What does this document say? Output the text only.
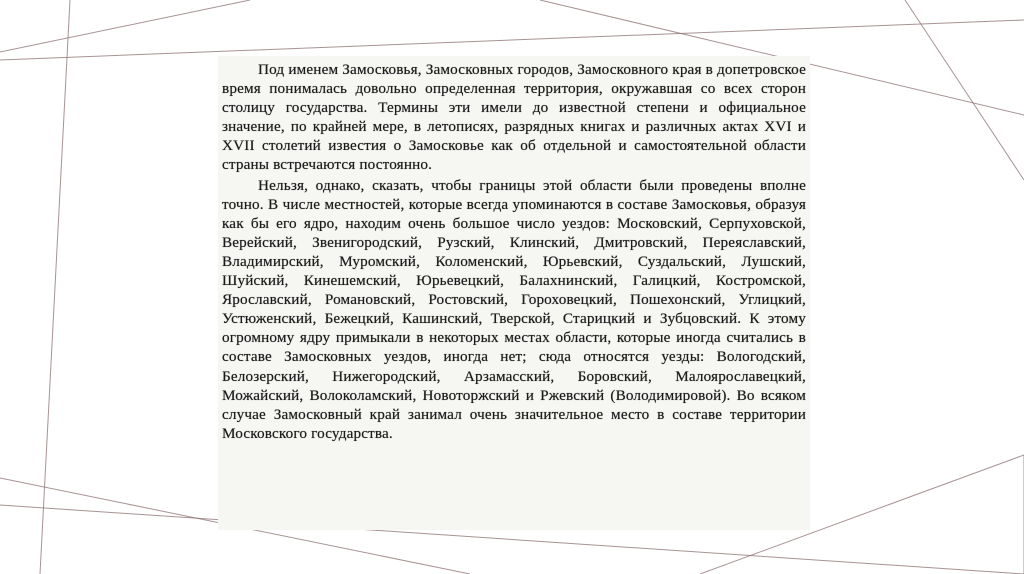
Под именем Замосковья, Замосковных городов, Замосковного края в допетровское время понималась довольно определенная территория, окружавшая со всех сторон столицу государства. Термины эти имели до известной степени и официальное значение, по крайней мере, в летописях, разрядных книгах и различных актах XVI и XVII столетий известия о Замосковье как об отдельной и самостоятельной области страны встречаются постоянно.

Нельзя, однако, сказать, чтобы границы этой области были проведены вполне точно. В числе местностей, которые всегда упоминаются в составе Замосковья, образуя как бы его ядро, находим очень большое число уездов: Московский, Серпуховской, Верейский, Звенигородский, Рузский, Клинский, Дмитровский, Переяславский, Владимирский, Муромский, Коломенский, Юрьевский, Суздальский, Лушский, Шуйский, Кинешемский, Юрьевецкий, Балахнинский, Галицкий, Костромской, Ярославский, Романовский, Ростовский, Гороховецкий, Пошехонский, Углицкий, Устюженский, Бежецкий, Кашинский, Тверской, Старицкий и Зубцовский. К этому огромному ядру примыкали в некоторых местах области, которые иногда считались в составе Замосковных уездов, иногда нет; сюда относятся уезды: Вологодский, Белозерский, Нижегородский, Арзамасский, Боровский, Малоярославецкий, Можайский, Волоколамский, Новоторжский и Ржевский (Володимировой). Во всяком случае Замосковный край занимал очень значительное место в составе территории Московского государства.
